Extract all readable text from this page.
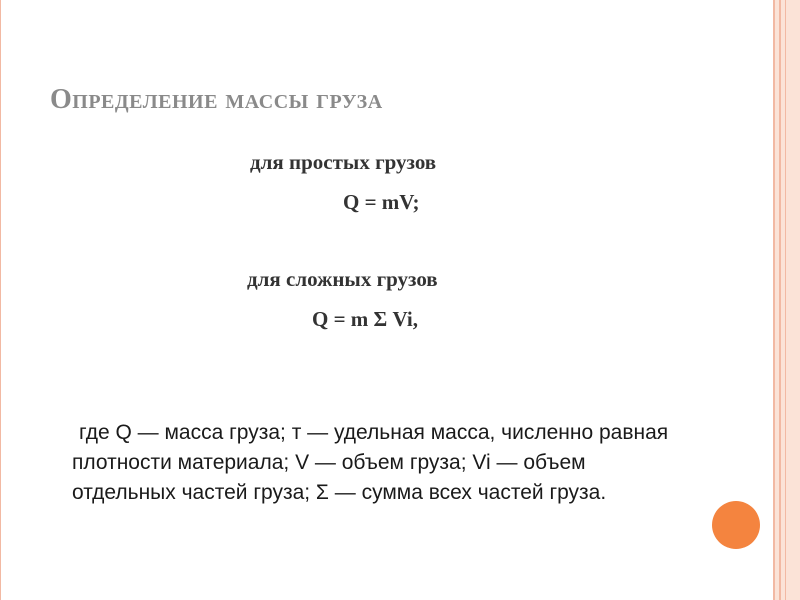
Определение массы груза

для простых грузов

Q = mV;

для сложных грузов

Q = m Σ Vi,

где Q — масса груза; т — удельная масса, численно равная плотности материала; V — объем груза; Vi — объем отдельных частей груза; Σ — сумма всех частей груза.
